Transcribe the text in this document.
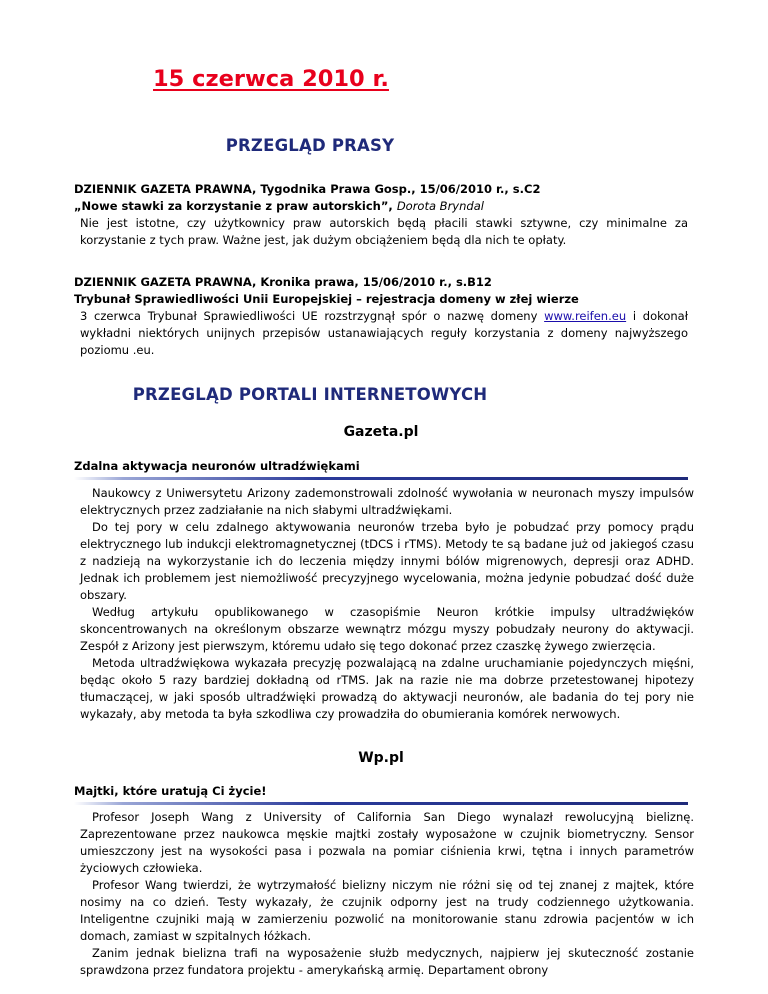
15 czerwca 2010 r.
PRZEGLĄD PRASY
DZIENNIK GAZETA PRAWNA, Tygodnika Prawa Gosp., 15/06/2010 r., s.C2
„Nowe stawki za korzystanie z praw autorskich”, Dorota Bryndal
Nie jest istotne, czy użytkownicy praw autorskich będą płacili stawki sztywne, czy minimalne za korzystanie z tych praw. Ważne jest, jak dużym obciążeniem będą dla nich te opłaty.
DZIENNIK GAZETA PRAWNA, Kronika prawa, 15/06/2010 r., s.B12
Trybunał Sprawiedliwości Unii Europejskiej – rejestracja domeny w złej wierze
3 czerwca Trybunał Sprawiedliwości UE rozstrzygnął spór o nazwę domeny www.reifen.eu i dokonał wykładni niektórych unijnych przepisów ustanawiających reguły korzystania z domeny najwyższego poziomu .eu.
Gazeta.pl
Zdalna aktywacja neuronów ultradźwiękami

Naukowcy z Uniwersytetu Arizony zademonstrowali zdolność wywołania w neuronach myszy impulsów elektrycznych przez zadziałanie na nich słabymi ultradźwiękami.

Do tej pory w celu zdalnego aktywowania neuronów trzeba było je pobudzać przy pomocy prądu elektrycznego lub indukcji elektromagnetycznej (tDCS i rTMS). Metody te są badane już od jakiegoś czasu z nadzieją na wykorzystanie ich do leczenia między innymi bólów migrenowych, depresji oraz ADHD. Jednak ich problemem jest niemożliwość precyzyjnego wycelowania, można jedynie pobudzać dość duże obszary.

Według artykułu opublikowanego w czasopiśmie Neuron krótkie impulsy ultradźwięków skoncentrowanych na określonym obszarze wewnątrz mózgu myszy pobudzały neurony do aktywacji. Zespół z Arizony jest pierwszym, któremu udało się tego dokonać przez czaszkę żywego zwierzęcia.

Metoda ultradźwiękowa wykazała precyzję pozwalającą na zdalne uruchamianie pojedynczych mięśni, będąc około 5 razy bardziej dokładną od rTMS. Jak na razie nie ma dobrze przetestowanej hipotezy tłumaczącej, w jaki sposób ultradźwięki prowadzą do aktywacji neuronów, ale badania do tej pory nie wykazały, aby metoda ta była szkodliwa czy prowadziła do obumierania komórek nerwowych.

Wp.pl
Majtki, które uratują Ci życie!

Profesor Joseph Wang z University of California San Diego wynalazł rewolucyjną bieliznę. Zaprezentowane przez naukowca męskie majtki zostały wyposażone w czujnik biometryczny. Sensor umieszczony jest na wysokości pasa i pozwala na pomiar ciśnienia krwi, tętna i innych parametrów życiowych człowieka.

Profesor Wang twierdzi, że wytrzymałość bielizny niczym nie różni się od tej znanej z majtek, które nosimy na co dzień. Testy wykazały, że czujnik odporny jest na trudy codziennego użytkowania. Inteligentne czujniki mają w zamierzeniu pozwolić na monitorowanie stanu zdrowia pacjentów w ich domach, zamiast w szpitalnych łóżkach.

Zanim jednak bielizna trafi na wyposażenie służb medycznych, najpierw jej skuteczność zostanie sprawdzona przez fundatora projektu - amerykańską armię. Departament obrony

PRZEGLĄD PORTALI INTERNETOWYCH
